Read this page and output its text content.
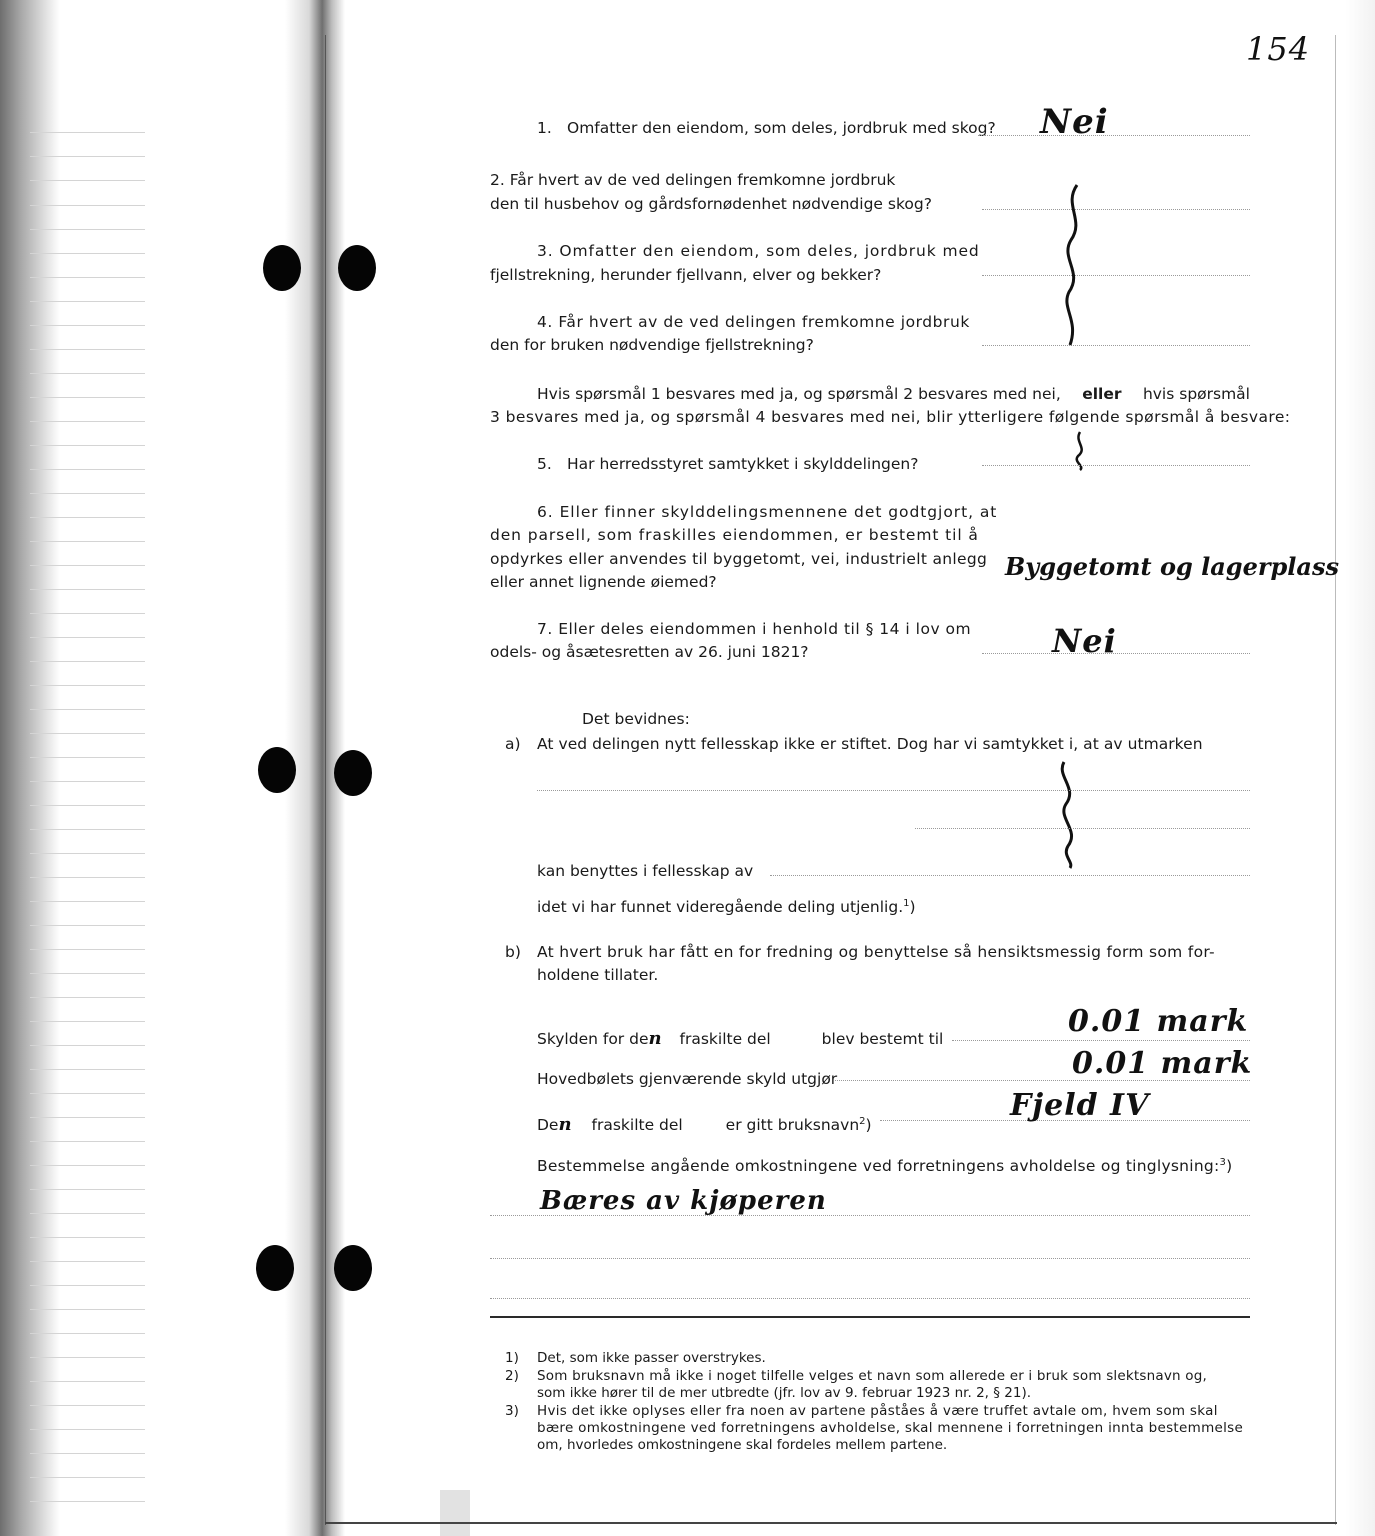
154
1. Omfatter den eiendom, som deles, jordbruk med skog? Nei
2. Får hvert av de ved delingen fremkomne jordbruk
den til husbehov og gårdsfornødenhet nødvendige skog?
3. Omfatter den eiendom, som deles, jordbruk med
fjellstrekning, herunder fjellvann, elver og bekker?
4. Får hvert av de ved delingen fremkomne jordbruk
den for bruken nødvendige fjellstrekning?
Hvis spørsmål 1 besvares med ja, og spørsmål 2 besvares med nei, eller hvis spørsmål
3 besvares med ja, og spørsmål 4 besvares med nei, blir ytterligere følgende spørsmål å besvare:
5. Har herredsstyret samtykket i skylddelingen?
6. Eller finner skylddelingsmennene det godtgjort, at
den parsell, som fraskilles eiendommen, er bestemt til å
opdyrkes eller anvendes til byggetomt, vei, industrielt anlegg
eller annet lignende øiemed?
Byggetomt og lagerplass
7. Eller deles eiendommen i henhold til § 14 i lov om
odels- og åsætesretten av 26. juni 1821?	Nei
Det bevidnes:
a) At ved delingen nytt fellesskap ikke er stiftet. Dog har vi samtykket i, at av utmarken
kan benyttes i fellesskap av
idet vi har funnet videregående deling utjenlig.$^1$)
b) At hvert bruk har fått en for fredning og benyttelse så hensiktsmessig form som for-
holdene tillater.
Skylden for den fraskilte del	blev bestemt til	0.01 mark
Hovedbølets gjenværende skyld utgjør	0.01 mark
Den fraskilte del	er gitt bruksnavn$^2$)
Fjeld IV
Bestemmelse angående omkostningene ved forretningens avholdelse og tinglysning:$^3$)
Bæres av kjøperen
1) Det, som ikke passer overstrykes.
2) Som bruksnavn må ikke i noget tilfelle velges et navn som allerede er i bruk som slektsnavn og,
som ikke hører til de mer utbredte (jfr. lov av 9. februar 1923 nr. 2, § 21).
3) Hvis det ikke oplyses eller fra noen av partene påståes å være truffet avtale om, hvem som skal
bære omkostningene ved forretningens avholdelse, skal mennene i forretningen innta bestemmelse
om, hvorledes omkostningene skal fordeles mellem partene.
